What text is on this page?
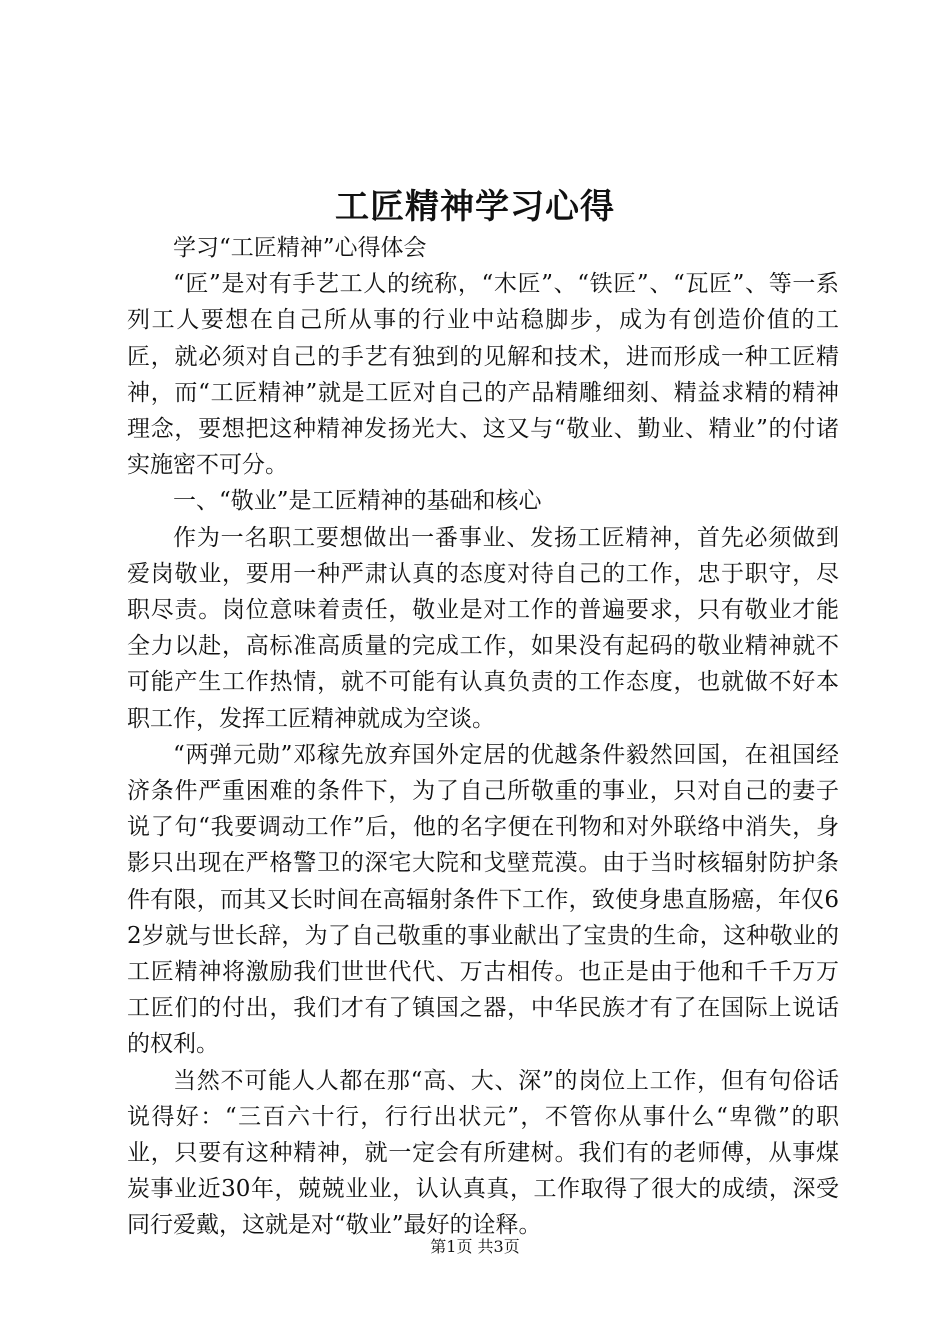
工匠精神学习心得

学习“工匠精神”心得体会

“匠”是对有手艺工人的统称，“木匠”、“铁匠”、“瓦匠”、等一系列工人要想在自己所从事的行业中站稳脚步，成为有创造价值的工匠，就必须对自己的手艺有独到的见解和技术，进而形成一种工匠精神，而“工匠精神”就是工匠对自己的产品精雕细刻、精益求精的精神理念，要想把这种精神发扬光大、这又与“敬业、勤业、精业”的付诸实施密不可分。

一、“敬业”是工匠精神的基础和核心

作为一名职工要想做出一番事业、发扬工匠精神，首先必须做到爱岗敬业，要用一种严肃认真的态度对待自己的工作，忠于职守，尽职尽责。岗位意味着责任，敬业是对工作的普遍要求，只有敬业才能全力以赴，高标准高质量的完成工作，如果没有起码的敬业精神就不可能产生工作热情，就不可能有认真负责的工作态度，也就做不好本职工作，发挥工匠精神就成为空谈。

“两弹元勋”邓稼先放弃国外定居的优越条件毅然回国，在祖国经济条件严重困难的条件下，为了自己所敬重的事业，只对自己的妻子说了句“我要调动工作”后，他的名字便在刊物和对外联络中消失，身影只出现在严格警卫的深宅大院和戈壁荒漠。由于当时核辐射防护条件有限，而其又长时间在高辐射条件下工作，致使身患直肠癌，年仅62岁就与世长辞，为了自己敬重的事业献出了宝贵的生命，这种敬业的工匠精神将激励我们世世代代、万古相传。也正是由于他和千千万万工匠们的付出，我们才有了镇国之器，中华民族才有了在国际上说话的权利。

当然不可能人人都在那“高、大、深”的岗位上工作，但有句俗话说得好：“三百六十行，行行出状元”，不管你从事什么“卑微”的职业，只要有这种精神，就一定会有所建树。我们有的老师傅，从事煤炭事业近30年，兢兢业业，认认真真，工作取得了很大的成绩，深受同行爱戴，这就是对“敬业”最好的诠释。

第1页 共3页
